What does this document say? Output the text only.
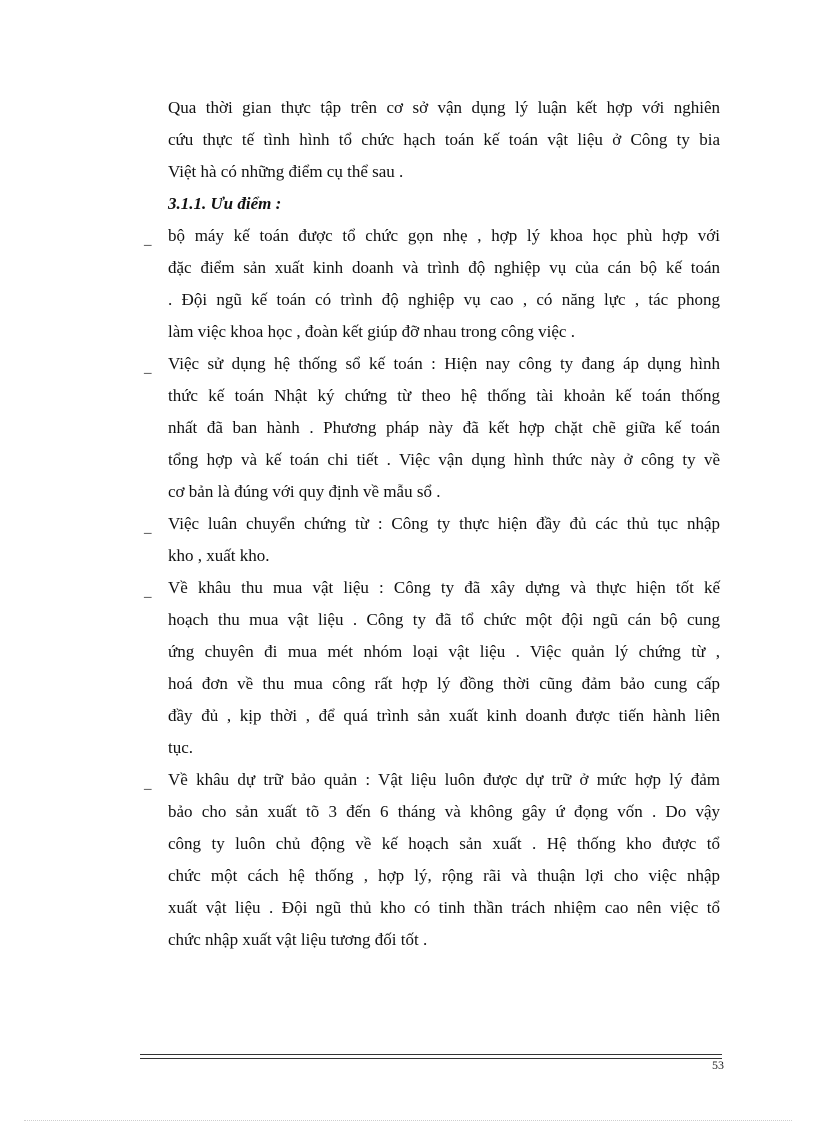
Qua thời gian thực tập trên cơ sở vận dụng lý luận kết hợp với nghiên
cứu thực tế tình hình tổ chức hạch toán kế toán vật liệu ở Công ty bia
Việt hà có những điểm cụ thể sau .
3.1.1. Ưu điểm :
_ bộ máy kế toán được tổ chức gọn nhẹ , hợp lý khoa học phù hợp với
đặc điểm sản xuất kinh doanh và trình độ nghiệp vụ của cán bộ kế toán
. Đội ngũ kế toán có trình độ nghiệp vụ cao , có năng lực , tác phong
làm việc khoa học , đoàn kết giúp đỡ nhau trong công việc .
_ Việc sử dụng hệ thống sổ kế toán : Hiện nay công ty đang áp dụng hình
thức kế toán Nhật ký chứng từ theo hệ thống tài khoản kế toán thống
nhất đã ban hành . Phương pháp này đã kết hợp chặt chẽ giữa kế toán
tổng hợp và kế toán chi tiết . Việc vận dụng hình thức này ở công ty về
cơ bản là đúng với quy định về mẫu sổ .
_ Việc luân chuyển chứng từ : Công ty thực hiện đầy đủ các thủ tục nhập
kho , xuất kho.
_ Về khâu thu mua vật liệu : Công ty đã xây dựng và thực hiện tốt kế
hoạch thu mua vật liệu . Công ty đã tổ chức một đội ngũ cán bộ cung
ứng chuyên đi mua mét nhóm loại vật liệu . Việc quản lý chứng từ ,
hoá đơn về thu mua công rất hợp lý đồng thời cũng đảm bảo cung cấp
đầy đủ , kịp thời , để quá trình sản xuất kinh doanh được tiến hành liên
tục.
_ Về khâu dự trữ bảo quản : Vật liệu luôn được dự trữ ở mức hợp lý đảm
bảo cho sản xuất tõ 3 đến 6 tháng và không gây ứ đọng vốn . Do vậy
công ty luôn chủ động về kế hoạch sản xuất . Hệ thống kho được tổ
chức một cách hệ thống , hợp lý, rộng rãi và thuận lợi cho việc nhập
xuất vật liệu . Đội ngũ thủ kho có tinh thần trách nhiệm cao nên việc tổ
chức nhập xuất vật liệu tương đối tốt .
53
